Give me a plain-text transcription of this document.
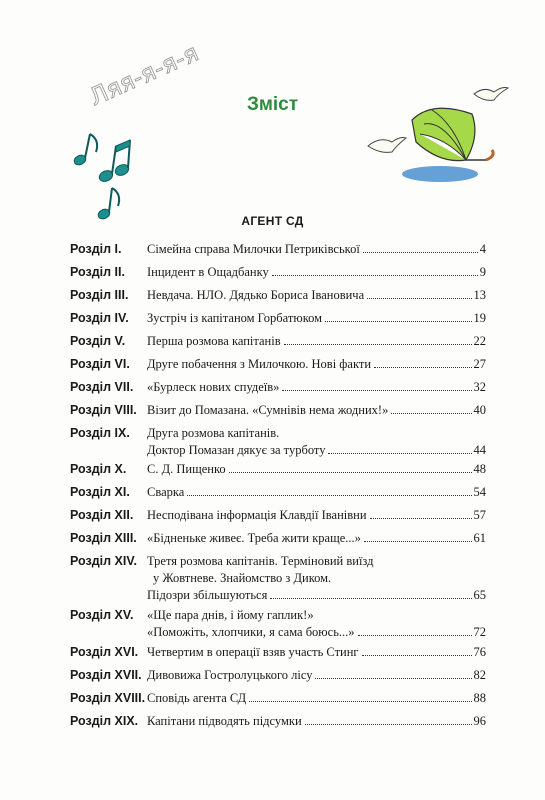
Ляя-я-я-я	Зміст
АГЕНТ СД
Розділ I. Сімейна справа Милочки Петриківської	4
Розділ II. Інцидент в Ощадбанку	9
Розділ III. Невдача. НЛО. Дядько Бориса Івановича	13
Розділ IV. Зустріч із капітаном Горбатюком	19
Розділ V. Перша розмова капітанів	22
Розділ VI. Друге побачення з Милочкою. Нові факти	27
Розділ VII. «Бурлеск нових спудеїв»	32
Розділ VIII. Візит до Помазана. «Сумнівів нема жодних!»	40
Розділ IX. Друга розмова капітанів.
Доктор Помазан дякує за турботу	44
Розділ X. С. Д. Пищенко	48
Розділ XI. Сварка	54
Розділ XII. Несподівана інформація Клавдії Іванівни	57
Розділ XIII. «Бідненьке живеє. Треба жити краще...»	61
Розділ XIV. Третя розмова капітанів. Терміновий виїзд
у Жовтневе. Знайомство з Диком.
Підозри збільшуються	65
Розділ XV. «Ще пара днів, і йому гаплик!»
«Поможіть, хлопчики, я сама боюсь...»	72
Розділ XVI. Четвертим в операції взяв участь Стинг	76
Розділ XVII. Дивовижа Гостролуцького лісу	82
Розділ XVIII. Сповідь агента СД	88
Розділ XIX. Капітани підводять підсумки	96
